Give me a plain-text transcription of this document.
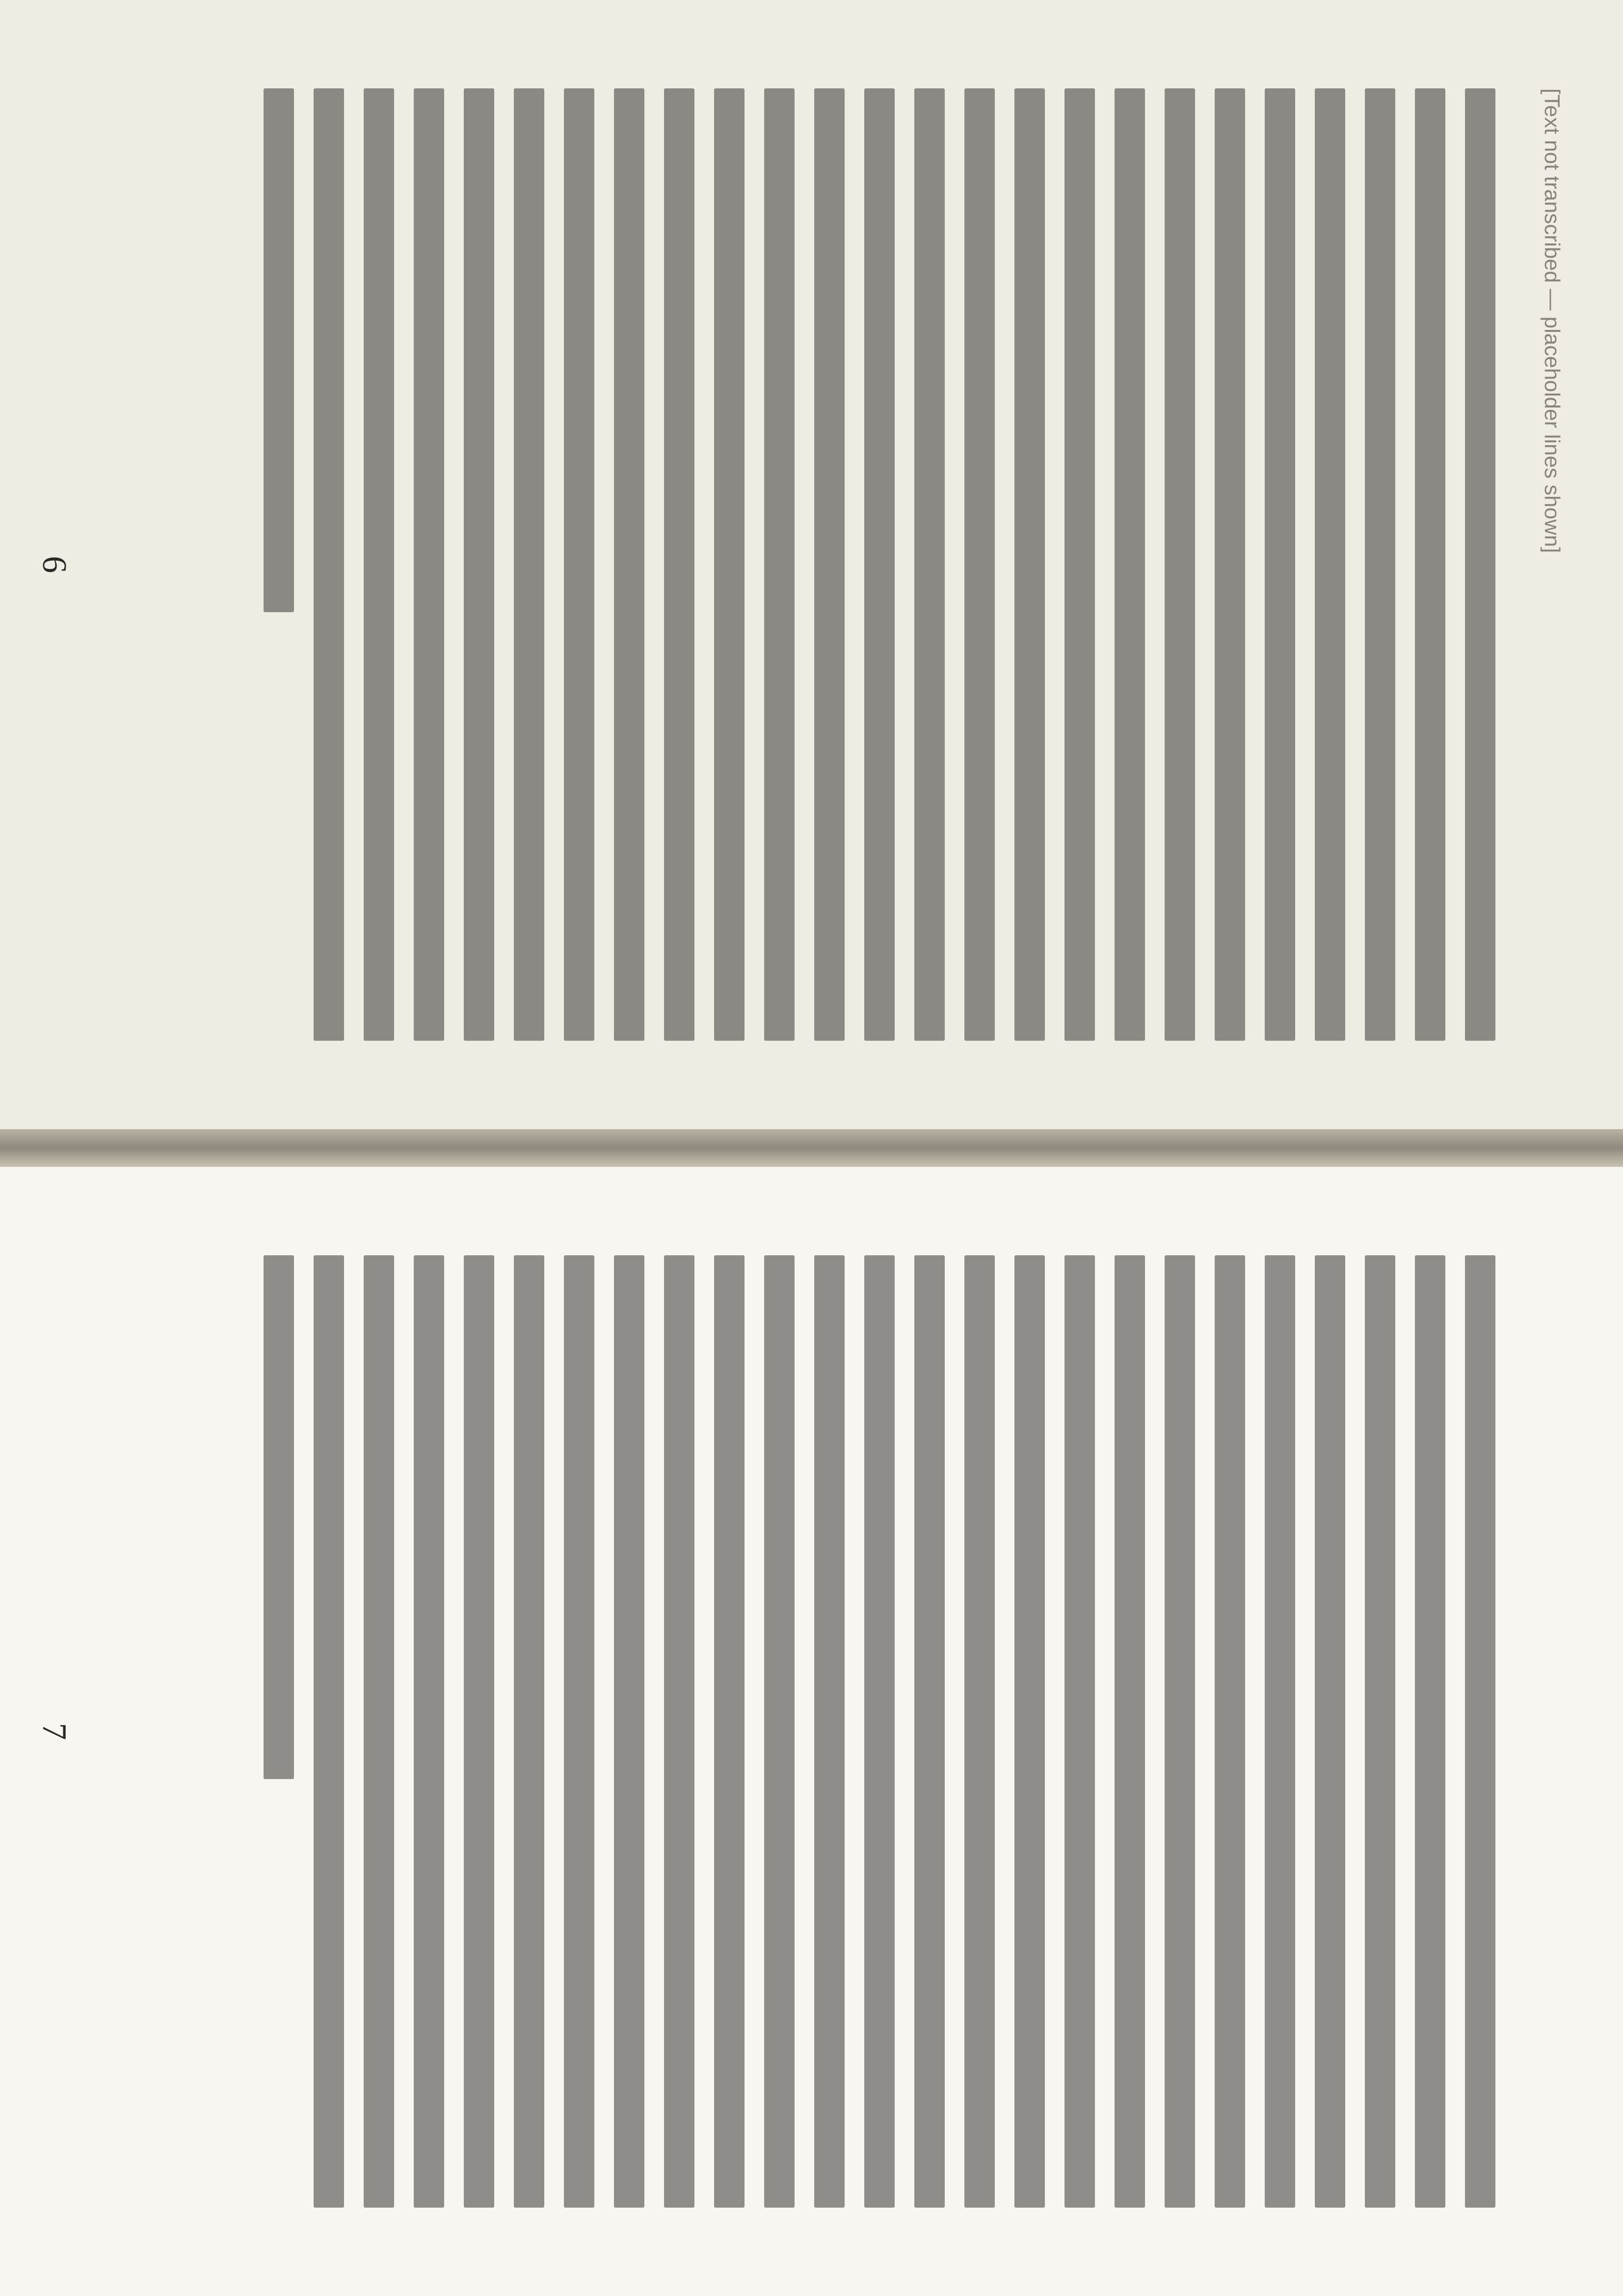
[Text not transcribed — placeholder lines shown]
6
7
